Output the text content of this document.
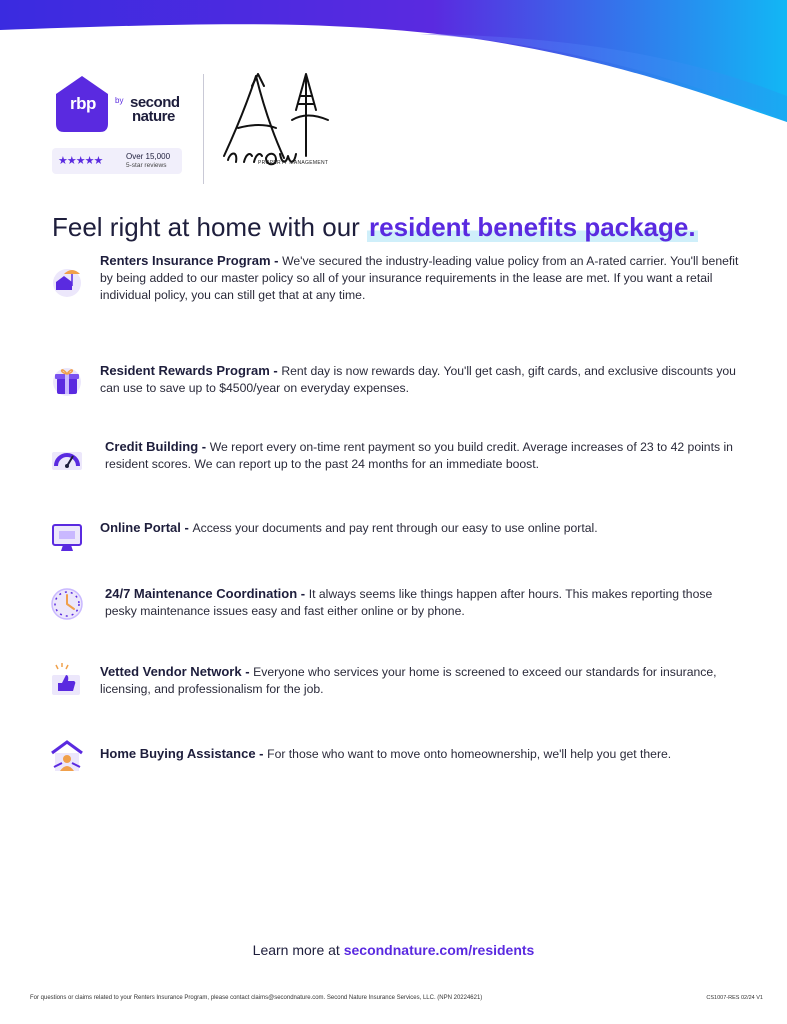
rbp	by second
nature
★★★★★	Over 15,000
5-star reviews	PROPERTY MANAGEMENT
Feel right at home with our resident benefits package.
Renters Insurance Program - We've secured the industry-leading value policy from an A-rated carrier. You'll benefit by being added to our master policy so all of your insurance requirements in the lease are met. If you want a retail individual policy, you can still get that at any time.
Resident Rewards Program - Rent day is now rewards day. You'll get cash, gift cards, and exclusive discounts you can use to save up to $4500/year on everyday expenses.
Credit Building - We report every on-time rent payment so you build credit. Average increases of 23 to 42 points in resident scores. We can report up to the past 24 months for an immediate boost.
Online Portal - Access your documents and pay rent through our easy to use online portal.
24/7 Maintenance Coordination - It always seems like things happen after hours. This makes reporting those pesky maintenance issues easy and fast either online or by phone.
Vetted Vendor Network - Everyone who services your home is screened to exceed our standards for insurance, licensing, and professionalism for the job.
Home Buying Assistance - For those who want to move onto homeownership, we'll help you get there.
Learn more at secondnature.com/residents
For questions or claims related to your Renters Insurance Program, please contact claims@secondnature.com. Second Nature Insurance Services, LLC. (NPN 20224621)	CS1007-RES 02/24 V1
